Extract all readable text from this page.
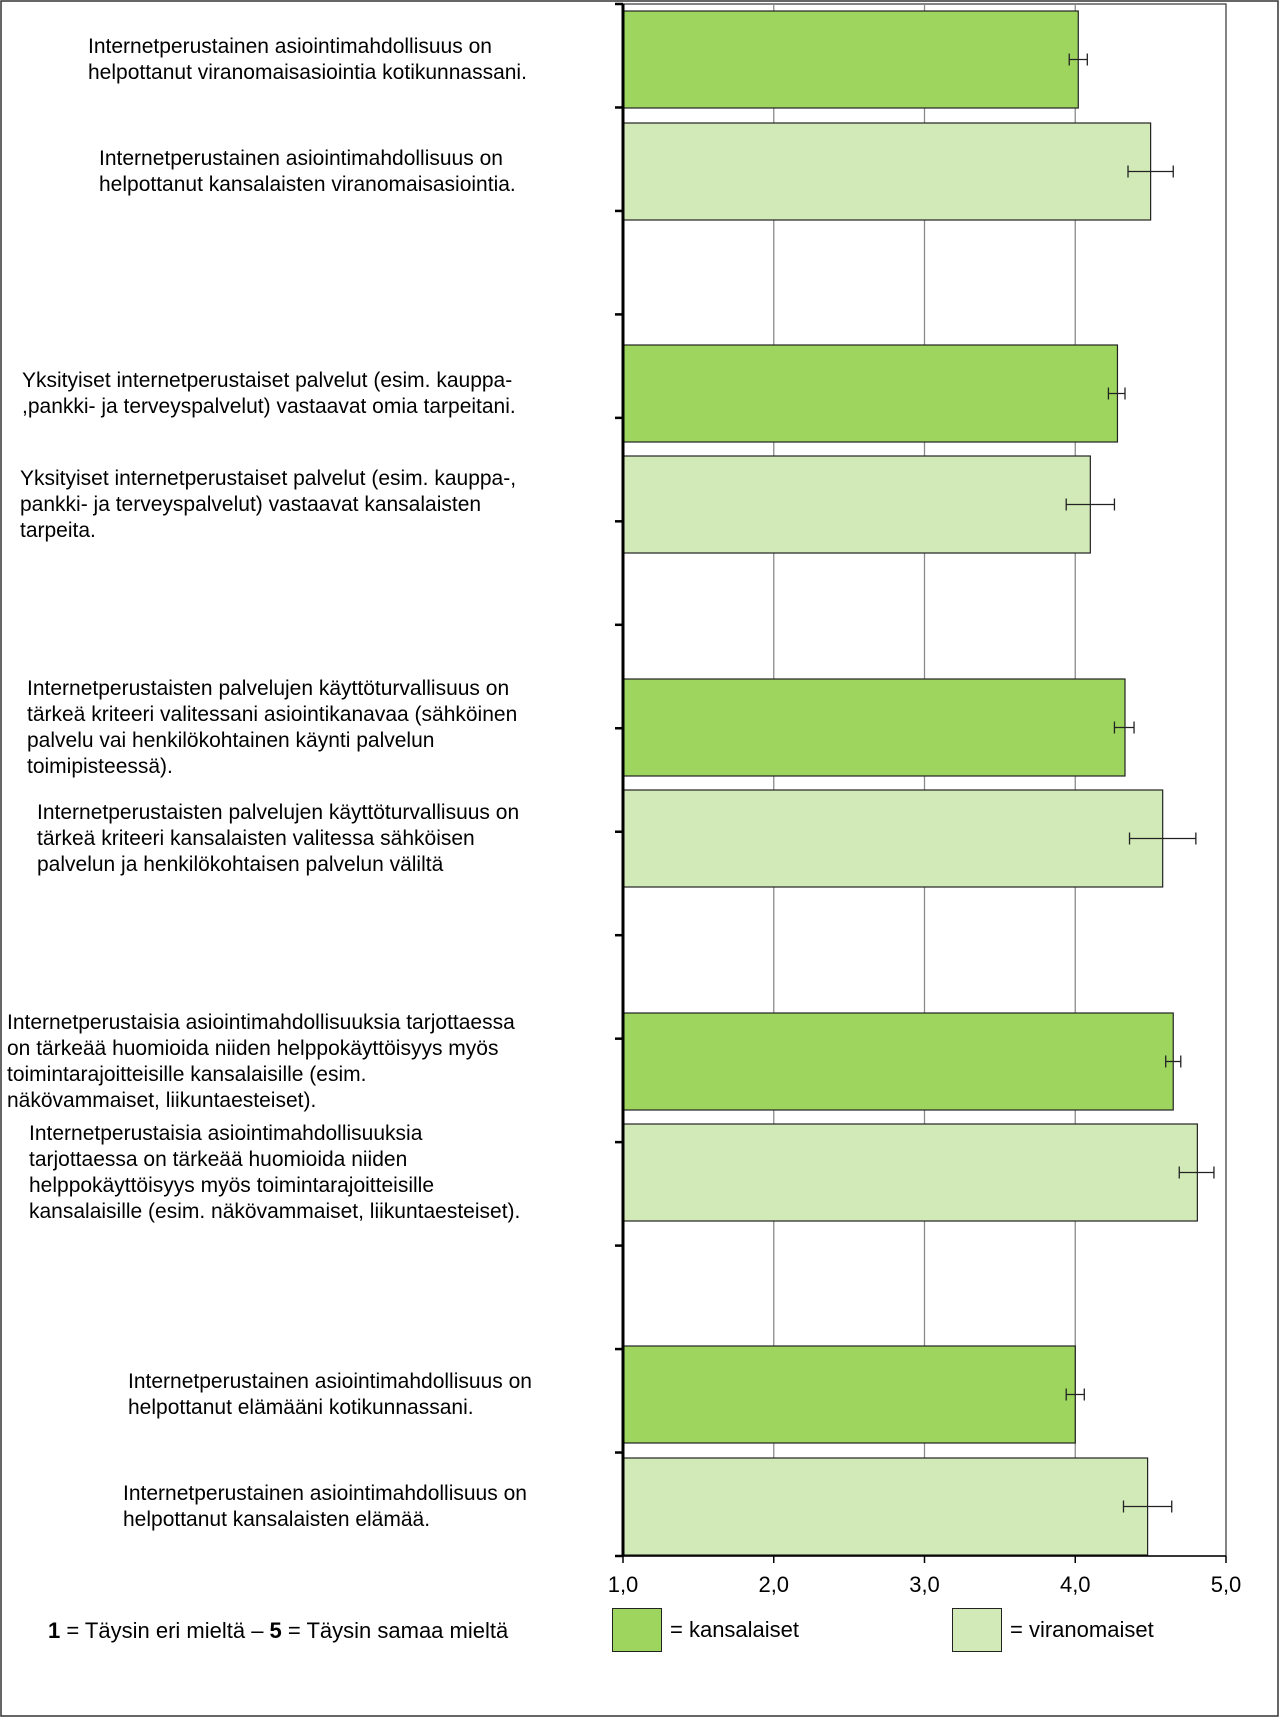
1,0	2,0	3,0	4,0	5,0
Internetperustainen asiointimahdollisuus on
helpottanut viranomaisasiointia kotikunnassani.
Internetperustainen asiointimahdollisuus on
helpottanut kansalaisten viranomaisasiointia.
Yksityiset internetperustaiset palvelut (esim. kauppa-
,pankki- ja terveyspalvelut) vastaavat omia tarpeitani.
Yksityiset internetperustaiset palvelut (esim. kauppa-,
pankki- ja terveyspalvelut) vastaavat kansalaisten
tarpeita.
Internetperustaisten palvelujen käyttöturvallisuus on
tärkeä kriteeri valitessani asiointikanavaa (sähköinen
palvelu vai henkilökohtainen käynti palvelun
toimipisteessä).
Internetperustaisten palvelujen käyttöturvallisuus on
tärkeä kriteeri kansalaisten valitessa sähköisen
palvelun ja henkilökohtaisen palvelun väliltä
Internetperustaisia asiointimahdollisuuksia tarjottaessa
on tärkeää huomioida niiden helppokäyttöisyys myös
toimintarajoitteisille kansalaisille (esim.
näkövammaiset, liikuntaesteiset).
Internetperustaisia asiointimahdollisuuksia
tarjottaessa on tärkeää huomioida niiden
helppokäyttöisyys myös toimintarajoitteisille
kansalaisille (esim. näkövammaiset, liikuntaesteiset).
Internetperustainen asiointimahdollisuus on
helpottanut elämääni kotikunnassani.
Internetperustainen asiointimahdollisuus on
helpottanut kansalaisten elämää.
1 = Täysin eri mieltä – 5 = Täysin samaa mieltä	= kansalaiset	= viranomaiset
